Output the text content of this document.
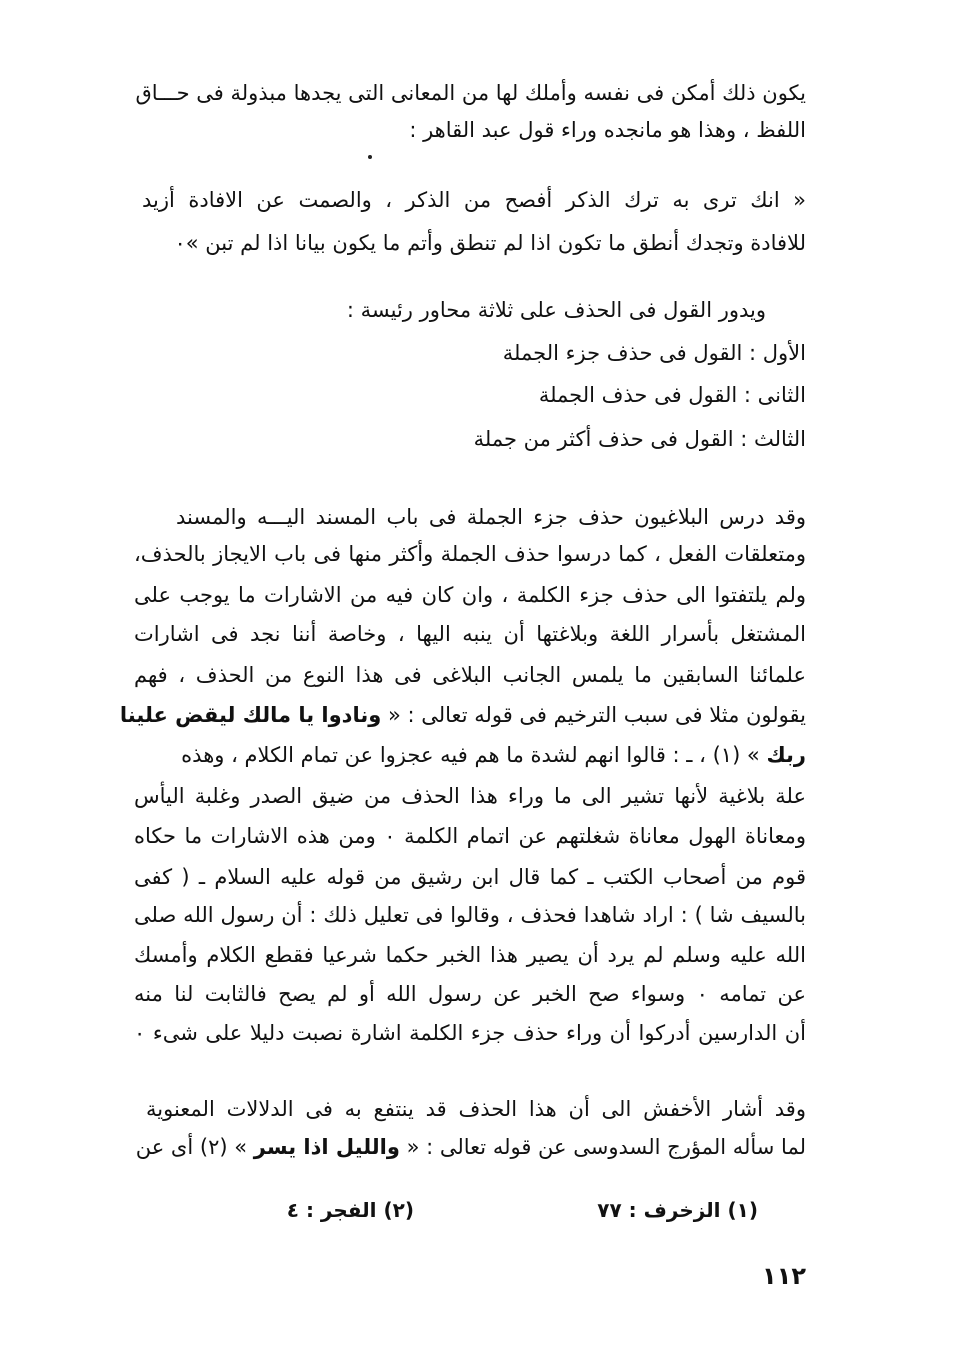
يكون ذلك أمكن فى نفسه وأملك لها من المعانى التى يجدها مبذولة فى حـــاق
اللفظ ، وهذا هو مانجده وراء قول عبد القاهر :
« انك ترى به ترك الذكر أفصح من الذكر ، والصمت عن الافادة أزيد
للافادة وتجدك أنطق ما تكون اذا لم تنطق وأتم ما يكون بيانا اذا لم تبن »٠
ويدور القول فى الحذف على ثلاثة محاور رئيسة :
الأول : القول فى حذف جزء الجملة
الثانى : القول فى حذف الجملة
الثالث : القول فى حذف أكثر من جملة
وقد درس البلاغيون حذف جزء الجملة فى باب المسند اليـــه والمسند
ومتعلقات الفعل ، كما درسوا حذف الجملة وأكثر منها فى باب الايجاز بالحذف،
ولم يلتفتوا الى حذف جزء الكلمة ، وان كان فيه من الاشارات ما يوجب على
المشتغل بأسرار اللغة وبلاغتها أن ينبه اليها ، وخاصة أننا نجد فى اشارات
علمائنا السابقين ما يلمس الجانب البلاغى فى هذا النوع من الحذف ، فهم
يقولون مثلا فى سبب الترخيم فى قوله تعالى : « ونادوا يا مالك ليقض علينا
ربك » (١) ، ـ : قالوا انهم لشدة ما هم فيه عجزوا عن تمام الكلام ، وهذه
علة بلاغية لأنها تشير الى ما وراء هذا الحذف من ضيق الصدر وغلبة اليأس
ومعاناة الهول معاناة شغلتهم عن اتمام الكلمة ٠ ومن هذه الاشارات ما حكاه
قوم من أصحاب الكتب ـ كما قال ابن رشيق من قوله عليه السلام ـ ( كفى
بالسيف شا ) : اراد شاهدا فحذف ، وقالوا فى تعليل ذلك : أن رسول الله صلى
الله عليه وسلم لم يرد أن يصير هذا الخبر حكما شرعيا فقطع الكلام وأمسك
عن تمامه ٠ وسواء صح الخبر عن رسول الله أو لم يصح فالثابت لنا منه
أن الدارسين أدركوا أن وراء حذف جزء الكلمة اشارة نصبت دليلا على شىء ٠
وقد أشار الأخفش الى أن هذا الحذف قد ينتفع به فى الدلالات المعنوية
لما سأله المؤرج السدوسى عن قوله تعالى : « والليل اذا يسر » (٢) أى عن
(١) الزخرف : ٧٧
(٢) الفجر : ٤
١١٢
